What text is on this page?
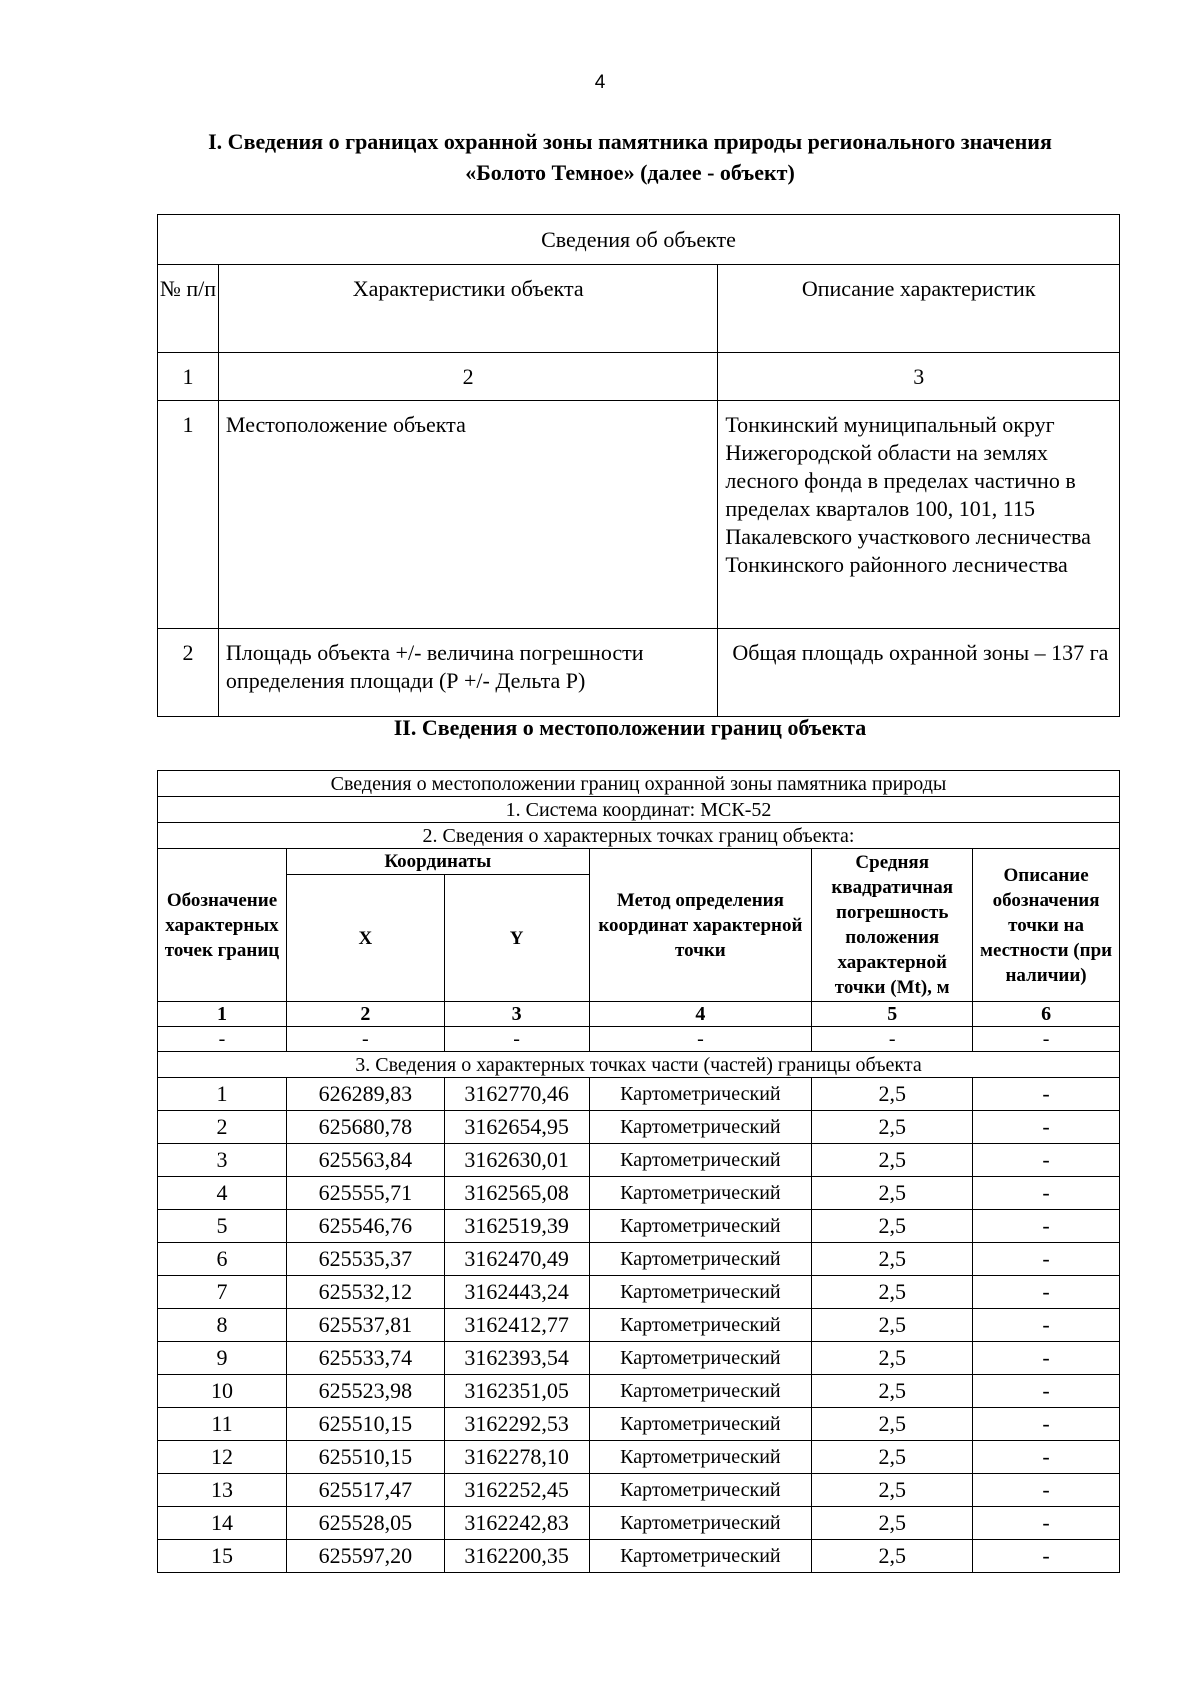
4
I. Сведения о границах охранной зоны памятника природы регионального значения
«Болото Темное» (далее - объект)
Сведения об объекте		
№ п/п	Характеристики объекта	Описание характеристик
1	2	3
1	Местоположение объекта	Тонкинский муниципальный округ Нижегородской области на землях лесного фонда в пределах частично в пределах кварталов 100, 101, 115 Пакалевского участкового лесничества Тонкинского районного лесничества
2	Площадь объекта +/- величина погрешности определения площади (Р +/- Дельта Р)	Общая площадь охранной зоны – 137 га
II. Сведения о местоположении границ объекта
Сведения о местоположении границ охранной зоны памятника природы					
1. Система координат: МСК-52					
2. Сведения о характерных точках границ объекта:					
Обозначение характерных точек границ	Координаты		Метод определения координат характерной точки	Средняя квадратичная погрешность положения характерной точки (Mt), м	Описание обозначения точки на местности (при наличии)
	X	Y			
1	2	3	4	5	6
-	-	-	-	-	-
3. Сведения о характерных точках части (частей) границы объекта					
1	626289,83	3162770,46	Картометрический	2,5	-
2	625680,78	3162654,95	Картометрический	2,5	-
3	625563,84	3162630,01	Картометрический	2,5	-
4	625555,71	3162565,08	Картометрический	2,5	-
5	625546,76	3162519,39	Картометрический	2,5	-
6	625535,37	3162470,49	Картометрический	2,5	-
7	625532,12	3162443,24	Картометрический	2,5	-
8	625537,81	3162412,77	Картометрический	2,5	-
9	625533,74	3162393,54	Картометрический	2,5	-
10	625523,98	3162351,05	Картометрический	2,5	-
11	625510,15	3162292,53	Картометрический	2,5	-
12	625510,15	3162278,10	Картометрический	2,5	-
13	625517,47	3162252,45	Картометрический	2,5	-
14	625528,05	3162242,83	Картометрический	2,5	-
15	625597,20	3162200,35	Картометрический	2,5	-
